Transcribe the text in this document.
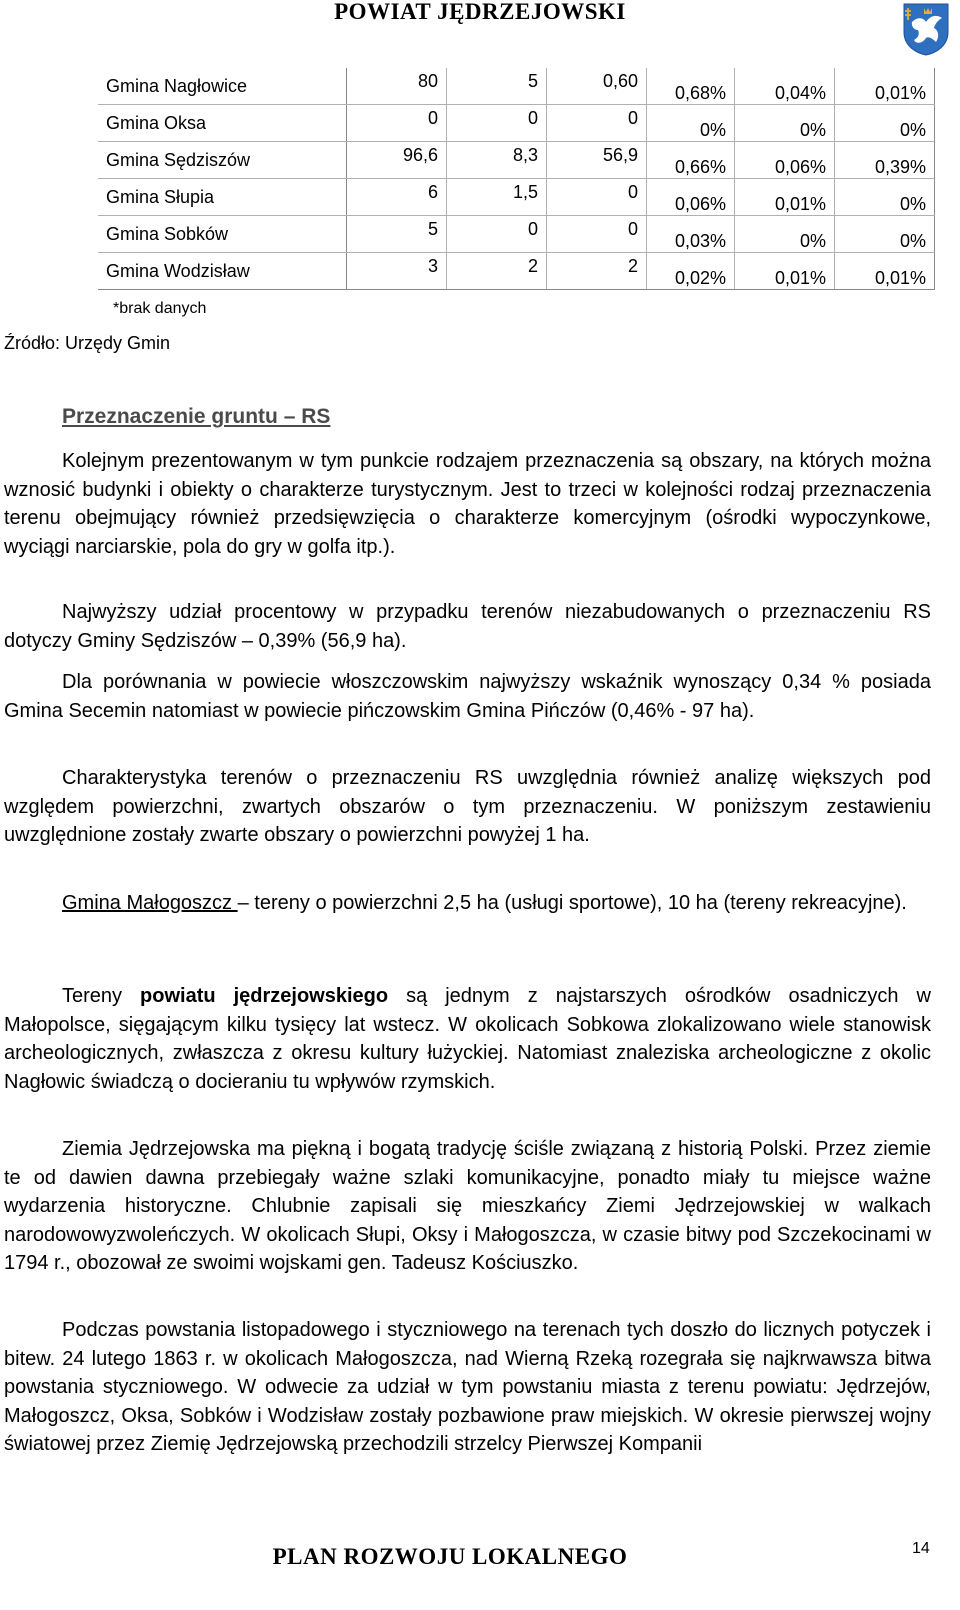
POWIAT JĘDRZEJOWSKI
Gmina Nagłowice	80	5	0,60	0,68%	0,04%	0,01%
Gmina Oksa	0	0	0	0%	0%	0%
Gmina Sędziszów	96,6	8,3	56,9	0,66%	0,06%	0,39%
Gmina Słupia	6	1,5	0	0,06%	0,01%	0%
Gmina Sobków	5	0	0	0,03%	0%	0%
Gmina Wodzisław	3	2	2	0,02%	0,01%	0,01%
*brak danych
Źródło: Urzędy Gmin
Przeznaczenie gruntu – RS

Kolejnym prezentowanym w tym punkcie rodzajem przeznaczenia są obszary, na których można wznosić budynki i obiekty o charakterze turystycznym. Jest to trzeci w kolejności rodzaj przeznaczenia terenu obejmujący również przedsięwzięcia o charakterze komercyjnym (ośrodki wypoczynkowe, wyciągi narciarskie, pola do gry w golfa itp.).

Najwyższy udział procentowy w przypadku terenów niezabudowanych o przeznaczeniu RS dotyczy Gminy Sędziszów – 0,39% (56,9 ha).

Dla porównania w powiecie włoszczowskim najwyższy wskaźnik wynoszący 0,34 % posiada Gmina Secemin natomiast w powiecie pińczowskim Gmina Pińczów (0,46% - 97 ha).

Charakterystyka terenów o przeznaczeniu RS uwzględnia również analizę większych pod względem powierzchni, zwartych obszarów o tym przeznaczeniu. W poniższym zestawieniu uwzględnione zostały zwarte obszary o powierzchni powyżej 1 ha.

Gmina Małogoszcz – tereny o powierzchni 2,5 ha (usługi sportowe), 10 ha (tereny rekreacyjne).

Tereny powiatu jędrzejowskiego są jednym z najstarszych ośrodków osadniczych w Małopolsce, sięgającym kilku tysięcy lat wstecz. W okolicach Sobkowa zlokalizowano wiele stanowisk archeologicznych, zwłaszcza z okresu kultury łużyckiej. Natomiast znaleziska archeologiczne z okolic Nagłowic świadczą o docieraniu tu wpływów rzymskich.

Ziemia Jędrzejowska ma piękną i bogatą tradycję ściśle związaną z historią Polski. Przez ziemie te od dawien dawna przebiegały ważne szlaki komunikacyjne, ponadto miały tu miejsce ważne wydarzenia historyczne. Chlubnie zapisali się mieszkańcy Ziemi Jędrzejowskiej w walkach narodowowyzwoleńczych. W okolicach Słupi, Oksy i Małogoszcza, w czasie bitwy pod Szczekocinami w 1794 r., obozował ze swoimi wojskami gen. Tadeusz Kościuszko.

Podczas powstania listopadowego i styczniowego na terenach tych doszło do licznych potyczek i bitew. 24 lutego 1863 r. w okolicach Małogoszcza, nad Wierną Rzeką rozegrała się najkrwawsza bitwa powstania styczniowego. W odwecie za udział w tym powstaniu miasta z terenu powiatu: Jędrzejów, Małogoszcz, Oksa, Sobków i Wodzisław zostały pozbawione praw miejskich. W okresie pierwszej wojny światowej przez Ziemię Jędrzejowską przechodzili strzelcy Pierwszej Kompanii

PLAN ROZWOJU LOKALNEGO	14
